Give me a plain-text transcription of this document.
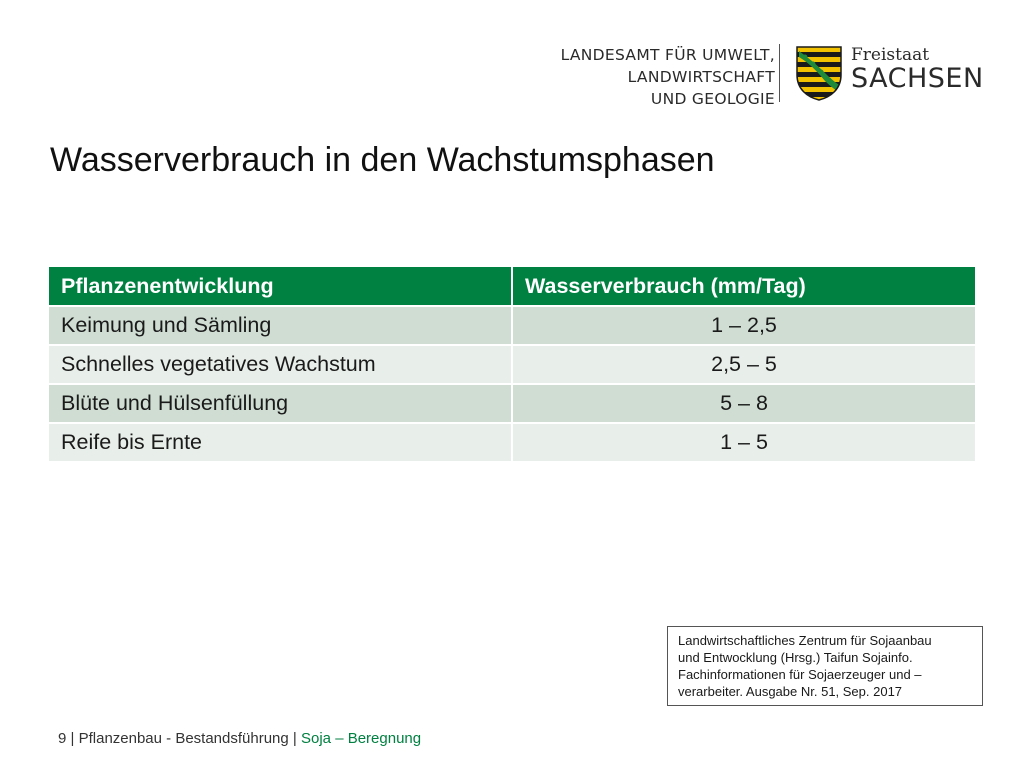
LANDESAMT FÜR UMWELT,
LANDWIRTSCHAFT
UND GEOLOGIE
Freistaat
SACHSEN
Wasserverbrauch in den Wachstumsphasen
Pflanzenentwicklung	Wasserverbrauch (mm/Tag)
Keimung und Sämling	1 – 2,5
Schnelles vegetatives Wachstum	2,5 – 5
Blüte und Hülsenfüllung	5 – 8
Reife bis Ernte	1 – 5
Landwirtschaftliches Zentrum für Sojaanbau
und Entwocklung (Hrsg.) Taifun Sojainfo.
Fachinformationen für Sojaerzeuger und –
verarbeiter. Ausgabe Nr. 51, Sep. 2017
9 | Pflanzenbau - Bestandsführung | Soja – Beregnung
